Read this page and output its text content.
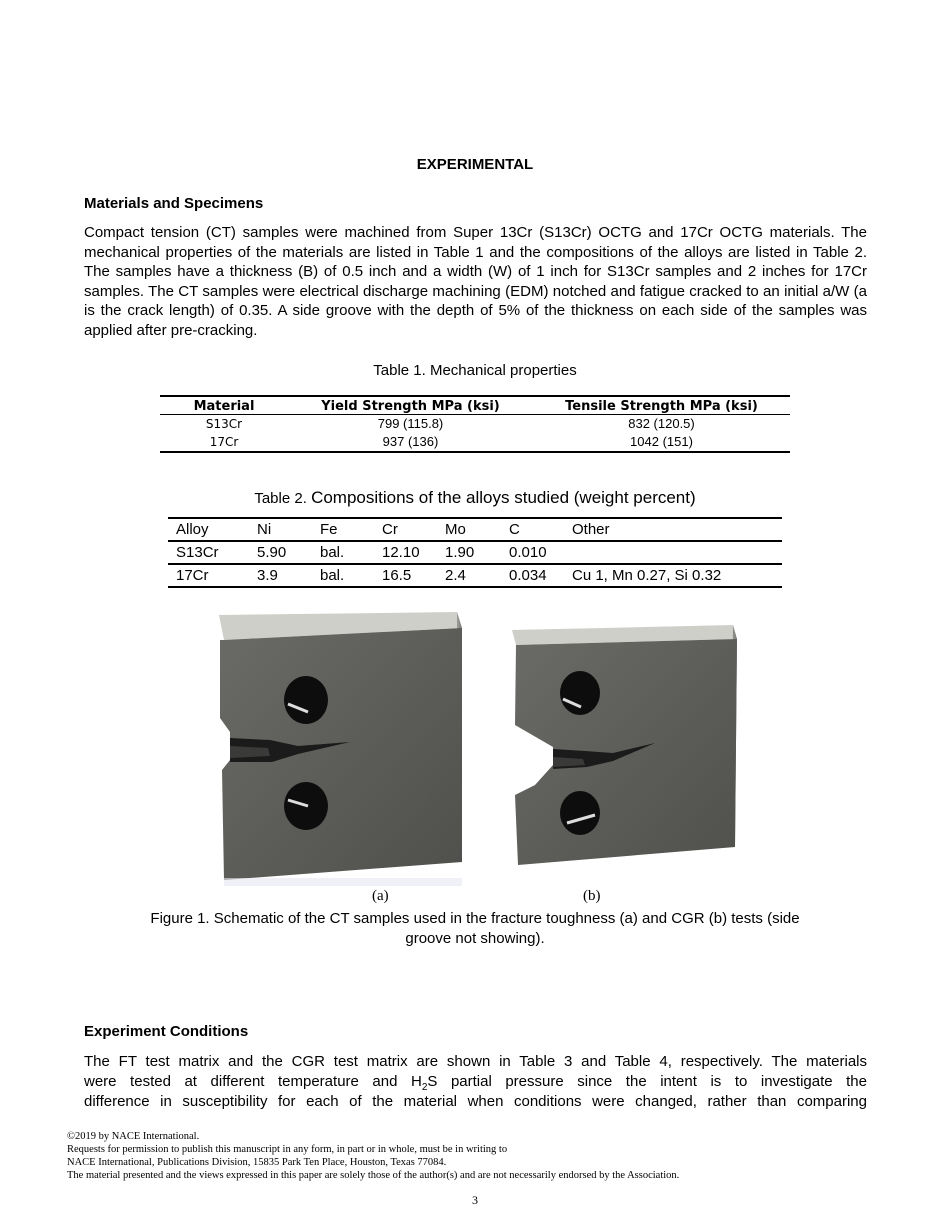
EXPERIMENTAL
Materials and Specimens
Compact tension (CT) samples were machined from Super 13Cr (S13Cr) OCTG and 17Cr OCTG materials. The mechanical properties of the materials are listed in Table 1 and the compositions of the alloys are listed in Table 2. The samples have a thickness (B) of 0.5 inch and a width (W) of 1 inch for S13Cr samples and 2 inches for 17Cr samples. The CT samples were electrical discharge machining (EDM) notched and fatigue cracked to an initial a/W (a is the crack length) of 0.35. A side groove with the depth of 5% of the thickness on each side of the samples was applied after pre-cracking.
Table 1. Mechanical properties
Material	Yield Strength MPa (ksi)	Tensile Strength MPa (ksi)
S13Cr	799 (115.8)	832 (120.5)
17Cr	937 (136)	1042 (151)
Table 2. Compositions of the alloys studied (weight percent)
Alloy	Ni	Fe	Cr	Mo	C	Other
S13Cr	5.90	bal.	12.10	1.90	0.010	
17Cr	3.9	bal.	16.5	2.4	0.034	Cu 1, Mn 0.27, Si 0.32
(a)	(b)
Figure 1. Schematic of the CT samples used in the fracture toughness (a) and CGR (b) tests (side
groove not showing).
Experiment Conditions
The FT test matrix and the CGR test matrix are shown in Table 3 and Table 4, respectively. The materials
were tested at different temperature and $H_2S$ partial pressure since the intent is to investigate the
difference in susceptibility for each of the material when conditions were changed, rather than comparing
©2019 by NACE International.
Requests for permission to publish this manuscript in any form, in part or in whole, must be in writing to
NACE International, Publications Division, 15835 Park Ten Place, Houston, Texas 77084.
The material presented and the views expressed in this paper are solely those of the author(s) and are not necessarily endorsed by the Association.
3
